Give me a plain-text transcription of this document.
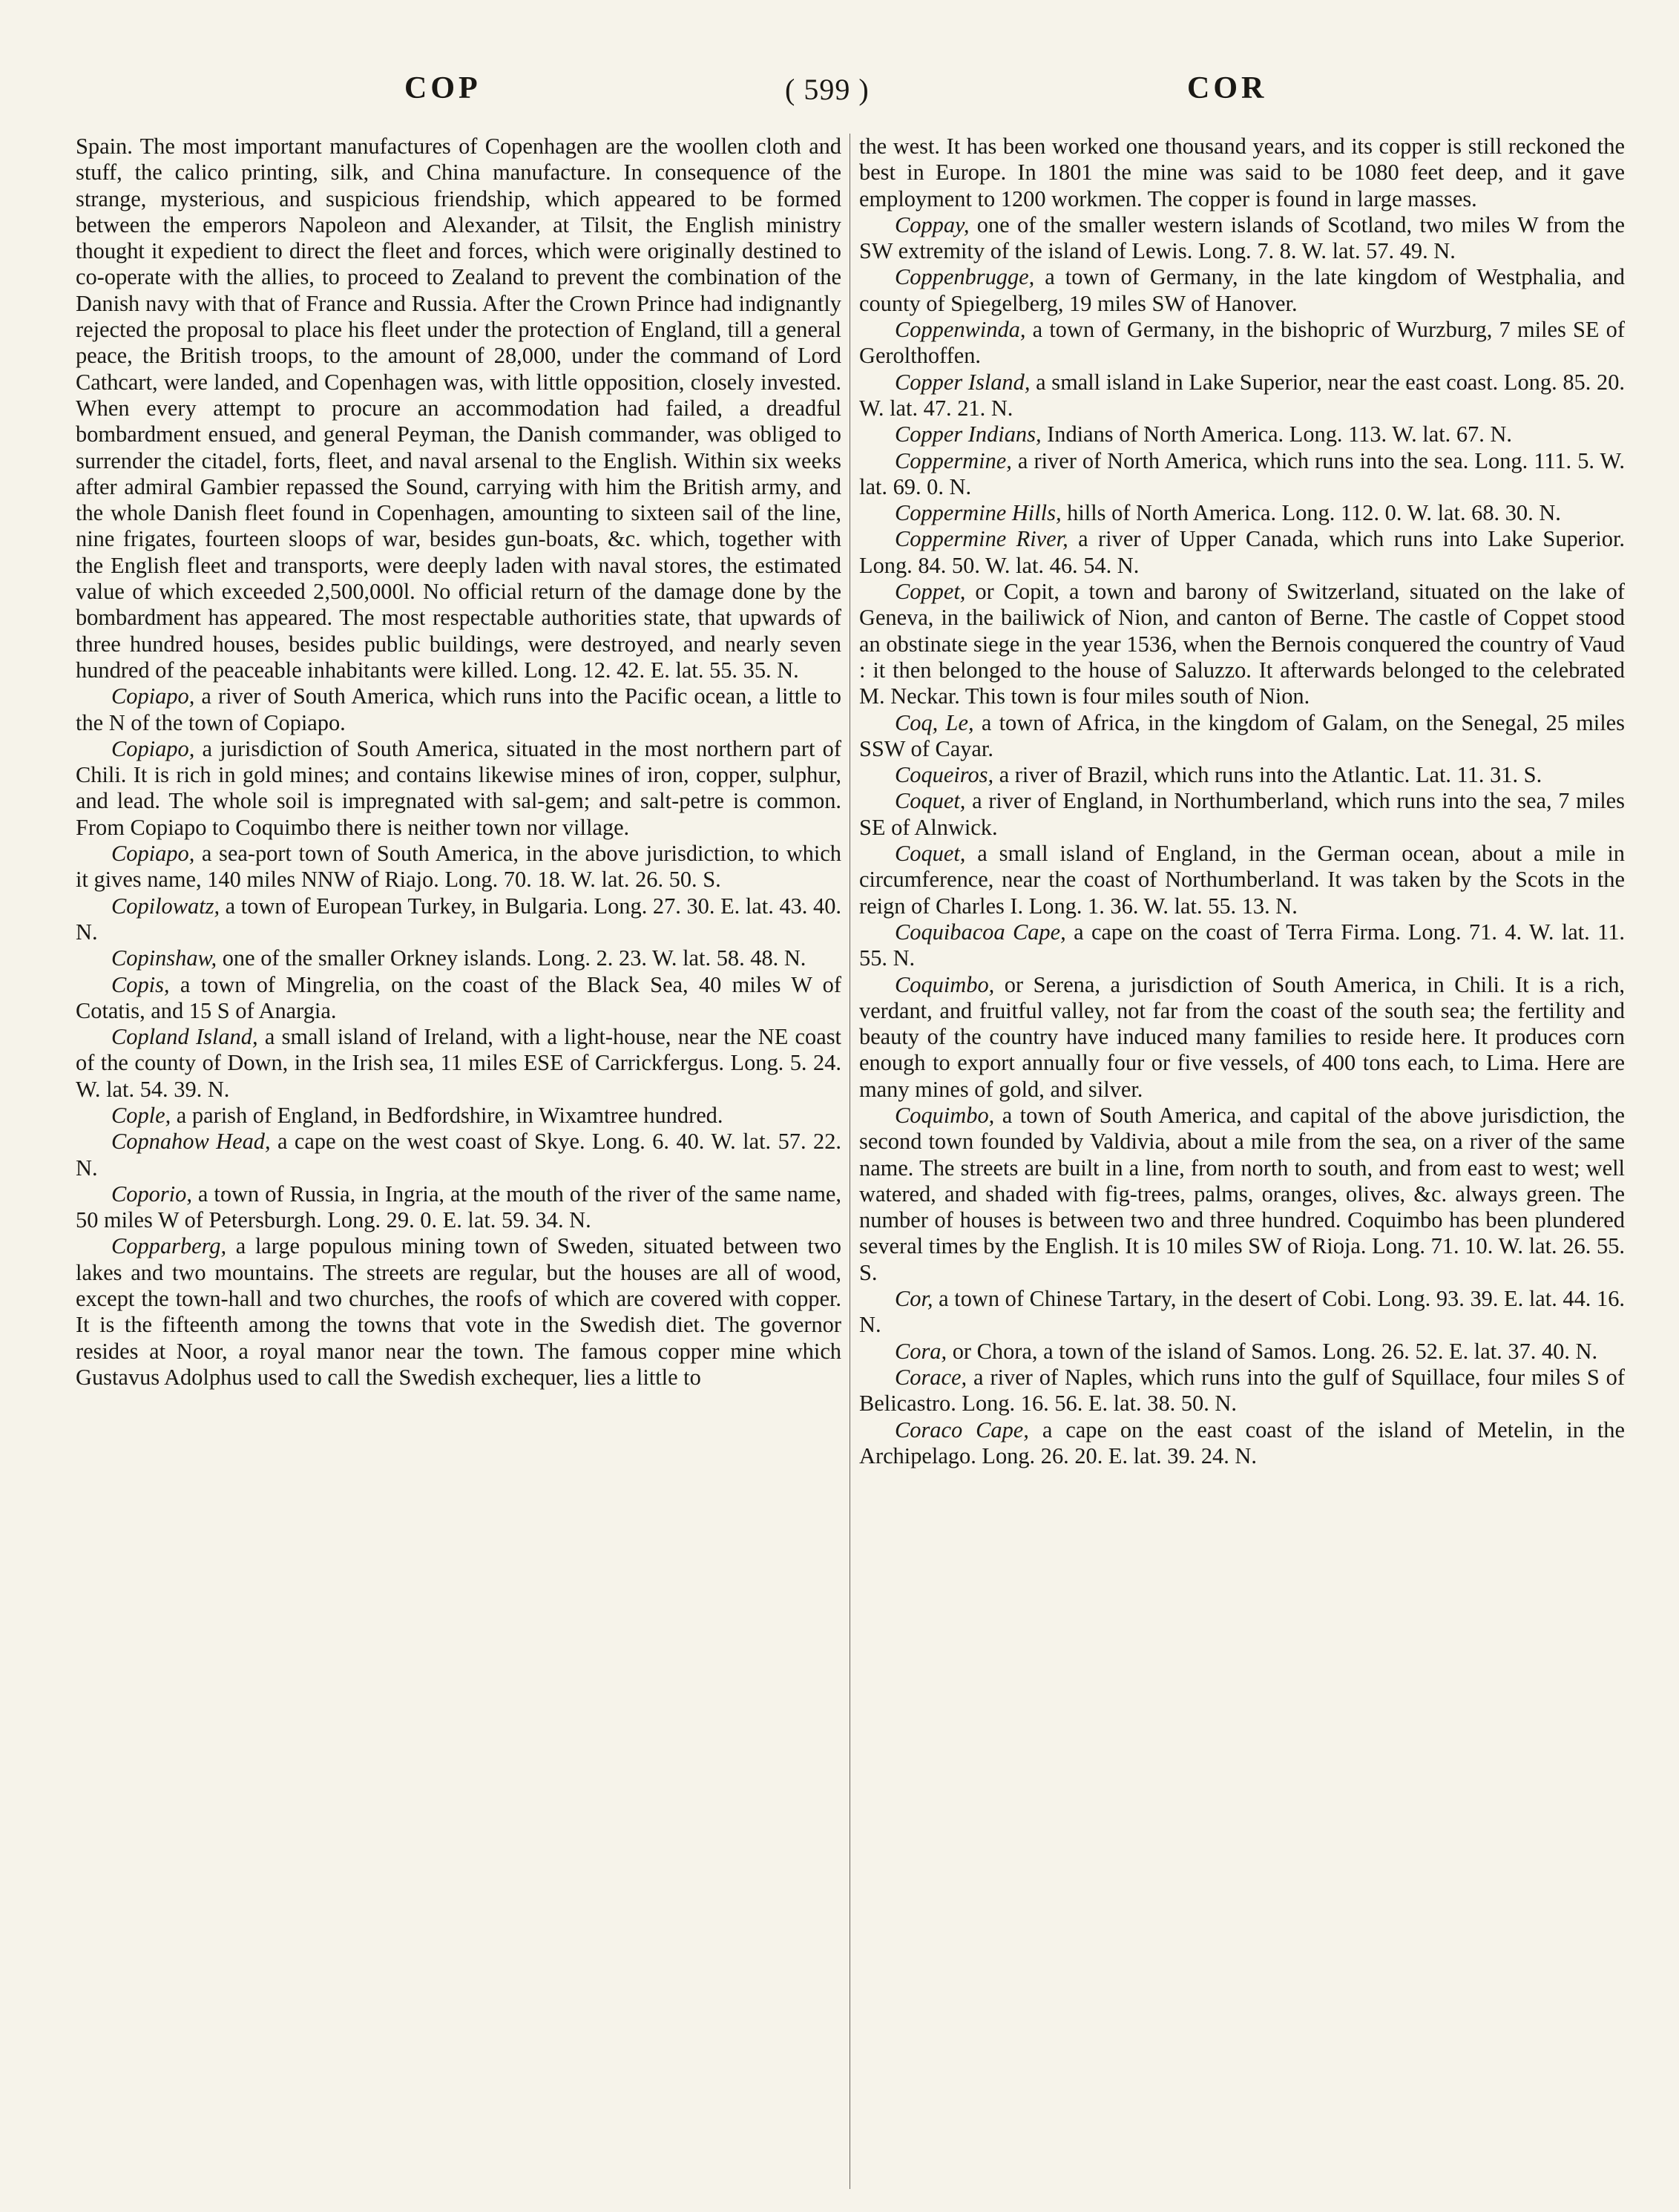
COP	( 599 )	COR

Spain. The most important manufactures of Copenhagen are the woollen cloth and stuff, the calico printing, silk, and China manufacture. In consequence of the strange, mysterious, and suspicious friendship, which appeared to be formed between the emperors Napoleon and Alexander, at Tilsit, the English ministry thought it expedient to direct the fleet and forces, which were originally destined to co-operate with the allies, to proceed to Zealand to prevent the combination of the Danish navy with that of France and Russia. After the Crown Prince had indignantly rejected the proposal to place his fleet under the protection of England, till a general peace, the British troops, to the amount of 28,000, under the command of Lord Cathcart, were landed, and Copenhagen was, with little opposition, closely invested. When every attempt to procure an accommodation had failed, a dreadful bombardment ensued, and general Peyman, the Danish commander, was obliged to surrender the citadel, forts, fleet, and naval arsenal to the English. Within six weeks after admiral Gambier repassed the Sound, carrying with him the British army, and the whole Danish fleet found in Copenhagen, amounting to sixteen sail of the line, nine frigates, fourteen sloops of war, besides gun-boats, &c. which, together with the English fleet and transports, were deeply laden with naval stores, the estimated value of which exceeded 2,500,000l. No official return of the damage done by the bombardment has appeared. The most respectable authorities state, that upwards of three hundred houses, besides public buildings, were destroyed, and nearly seven hundred of the peaceable inhabitants were killed. Long. 12. 42. E. lat. 55. 35. N.

Copiapo, a river of South America, which runs into the Pacific ocean, a little to the N of the town of Copiapo.

Copiapo, a jurisdiction of South America, situated in the most northern part of Chili. It is rich in gold mines; and contains likewise mines of iron, copper, sulphur, and lead. The whole soil is impregnated with sal-gem; and salt-petre is common. From Copiapo to Coquimbo there is neither town nor village.

Copiapo, a sea-port town of South America, in the above jurisdiction, to which it gives name, 140 miles NNW of Riajo. Long. 70. 18. W. lat. 26. 50. S.

Copilowatz, a town of European Turkey, in Bulgaria. Long. 27. 30. E. lat. 43. 40. N.

Copinshaw, one of the smaller Orkney islands. Long. 2. 23. W. lat. 58. 48. N.

Copis, a town of Mingrelia, on the coast of the Black Sea, 40 miles W of Cotatis, and 15 S of Anargia.

Copland Island, a small island of Ireland, with a light-house, near the NE coast of the county of Down, in the Irish sea, 11 miles ESE of Carrickfergus. Long. 5. 24. W. lat. 54. 39. N.

Cople, a parish of England, in Bedfordshire, in Wixamtree hundred.

Copnahow Head, a cape on the west coast of Skye. Long. 6. 40. W. lat. 57. 22. N.

Coporio, a town of Russia, in Ingria, at the mouth of the river of the same name, 50 miles W of Petersburgh. Long. 29. 0. E. lat. 59. 34. N.

Copparberg, a large populous mining town of Sweden, situated between two lakes and two mountains. The streets are regular, but the houses are all of wood, except the town-hall and two churches, the roofs of which are covered with copper. It is the fifteenth among the towns that vote in the Swedish diet. The governor resides at Noor, a royal manor near the town. The famous copper mine which Gustavus Adolphus used to call the Swedish exchequer, lies a little to

the west. It has been worked one thousand years, and its copper is still reckoned the best in Europe. In 1801 the mine was said to be 1080 feet deep, and it gave employment to 1200 workmen. The copper is found in large masses.

Coppay, one of the smaller western islands of Scotland, two miles W from the SW extremity of the island of Lewis. Long. 7. 8. W. lat. 57. 49. N.

Coppenbrugge, a town of Germany, in the late kingdom of Westphalia, and county of Spiegelberg, 19 miles SW of Hanover.

Coppenwinda, a town of Germany, in the bishopric of Wurzburg, 7 miles SE of Gerolthoffen.

Copper Island, a small island in Lake Superior, near the east coast. Long. 85. 20. W. lat. 47. 21. N.

Copper Indians, Indians of North America. Long. 113. W. lat. 67. N.

Coppermine, a river of North America, which runs into the sea. Long. 111. 5. W. lat. 69. 0. N.

Coppermine Hills, hills of North America. Long. 112. 0. W. lat. 68. 30. N.

Coppermine River, a river of Upper Canada, which runs into Lake Superior. Long. 84. 50. W. lat. 46. 54. N.

Coppet, or Copit, a town and barony of Switzerland, situated on the lake of Geneva, in the bailiwick of Nion, and canton of Berne. The castle of Coppet stood an obstinate siege in the year 1536, when the Bernois conquered the country of Vaud : it then belonged to the house of Saluzzo. It afterwards belonged to the celebrated M. Neckar. This town is four miles south of Nion.

Coq, Le, a town of Africa, in the kingdom of Galam, on the Senegal, 25 miles SSW of Cayar.

Coqueiros, a river of Brazil, which runs into the Atlantic. Lat. 11. 31. S.

Coquet, a river of England, in Northumberland, which runs into the sea, 7 miles SE of Alnwick.

Coquet, a small island of England, in the German ocean, about a mile in circumference, near the coast of Northumberland. It was taken by the Scots in the reign of Charles I. Long. 1. 36. W. lat. 55. 13. N.

Coquibacoa Cape, a cape on the coast of Terra Firma. Long. 71. 4. W. lat. 11. 55. N.

Coquimbo, or Serena, a jurisdiction of South America, in Chili. It is a rich, verdant, and fruitful valley, not far from the coast of the south sea; the fertility and beauty of the country have induced many families to reside here. It produces corn enough to export annually four or five vessels, of 400 tons each, to Lima. Here are many mines of gold, and silver.

Coquimbo, a town of South America, and capital of the above jurisdiction, the second town founded by Valdivia, about a mile from the sea, on a river of the same name. The streets are built in a line, from north to south, and from east to west; well watered, and shaded with fig-trees, palms, oranges, olives, &c. always green. The number of houses is between two and three hundred. Coquimbo has been plundered several times by the English. It is 10 miles SW of Rioja. Long. 71. 10. W. lat. 26. 55. S.

Cor, a town of Chinese Tartary, in the desert of Cobi. Long. 93. 39. E. lat. 44. 16. N.

Cora, or Chora, a town of the island of Samos. Long. 26. 52. E. lat. 37. 40. N.

Corace, a river of Naples, which runs into the gulf of Squillace, four miles S of Belicastro. Long. 16. 56. E. lat. 38. 50. N.

Coraco Cape, a cape on the east coast of the island of Metelin, in the Archipelago. Long. 26. 20. E. lat. 39. 24. N.
